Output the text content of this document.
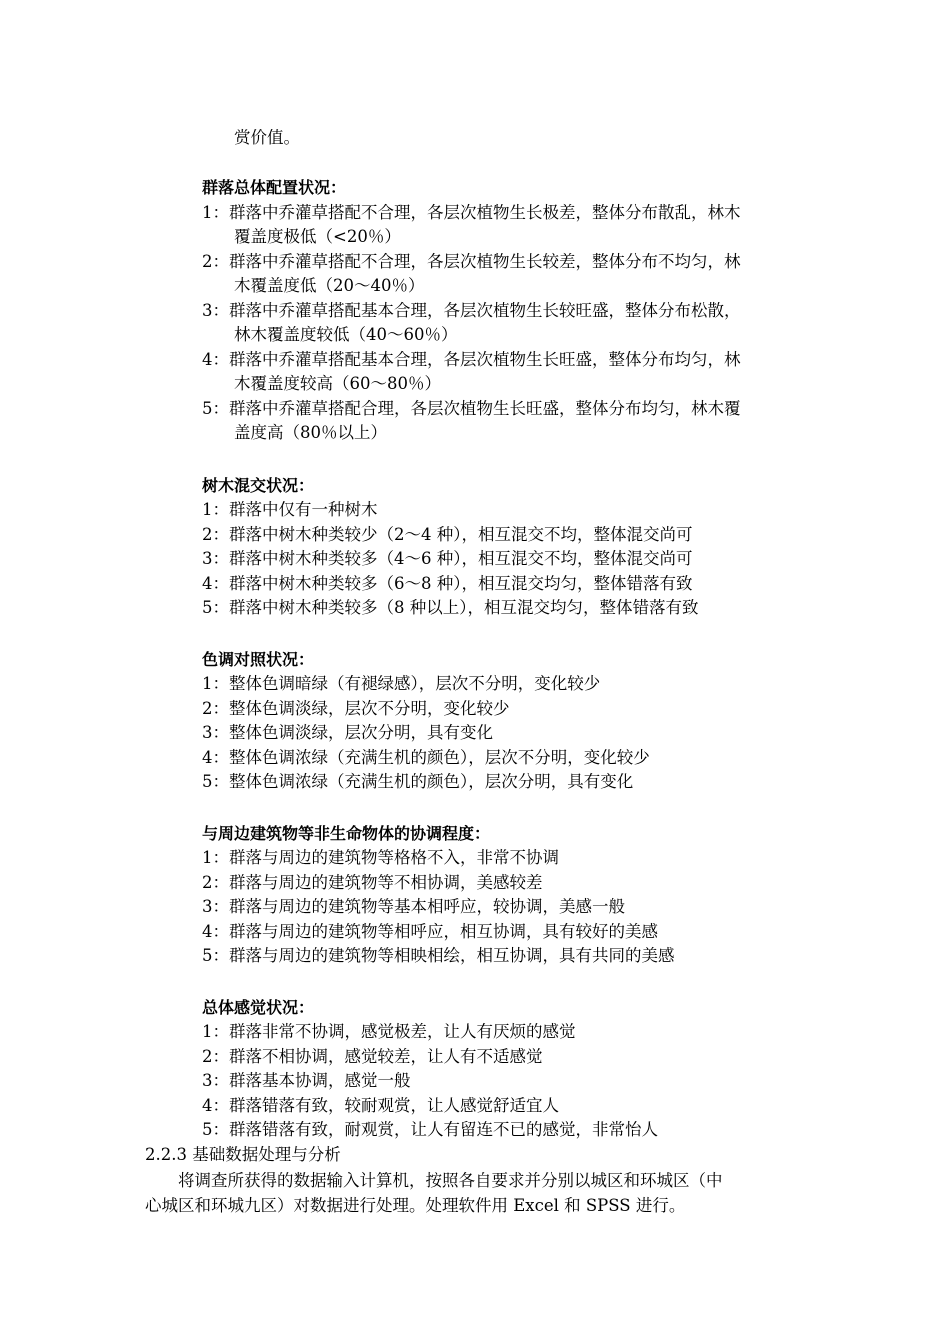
赏价值。
群落总体配置状况：
1：群落中乔灌草搭配不合理，各层次植物生长极差，整体分布散乱，林木
覆盖度极低（<20％）
2：群落中乔灌草搭配不合理，各层次植物生长较差，整体分布不均匀，林
木覆盖度低（20～40％）
3：群落中乔灌草搭配基本合理，各层次植物生长较旺盛，整体分布松散，
林木覆盖度较低（40～60％）
4：群落中乔灌草搭配基本合理，各层次植物生长旺盛，整体分布均匀，林
木覆盖度较高（60～80％）
5：群落中乔灌草搭配合理，各层次植物生长旺盛，整体分布均匀，林木覆
盖度高（80％以上）
树木混交状况：
1：群落中仅有一种树木
2：群落中树木种类较少（2～4 种），相互混交不均，整体混交尚可
3：群落中树木种类较多（4～6 种），相互混交不均，整体混交尚可
4：群落中树木种类较多（6～8 种），相互混交均匀，整体错落有致
5：群落中树木种类较多（8 种以上），相互混交均匀，整体错落有致
色调对照状况：
1：整体色调暗绿（有褪绿感），层次不分明，变化较少
2：整体色调淡绿，层次不分明，变化较少
3：整体色调淡绿，层次分明，具有变化
4：整体色调浓绿（充满生机的颜色），层次不分明，变化较少
5：整体色调浓绿（充满生机的颜色），层次分明，具有变化
与周边建筑物等非生命物体的协调程度：
1：群落与周边的建筑物等格格不入，非常不协调
2：群落与周边的建筑物等不相协调，美感较差
3：群落与周边的建筑物等基本相呼应，较协调，美感一般
4：群落与周边的建筑物等相呼应，相互协调，具有较好的美感
5：群落与周边的建筑物等相映相绘，相互协调，具有共同的美感
总体感觉状况：
1：群落非常不协调，感觉极差，让人有厌烦的感觉
2：群落不相协调，感觉较差，让人有不适感觉
3：群落基本协调，感觉一般
4：群落错落有致，较耐观赏，让人感觉舒适宜人
5：群落错落有致，耐观赏，让人有留连不已的感觉，非常怡人
2.2.3 基础数据处理与分析
将调查所获得的数据输入计算机，按照各自要求并分别以城区和环城区（中
心城区和环城九区）对数据进行处理。处理软件用 Excel 和 SPSS 进行。
